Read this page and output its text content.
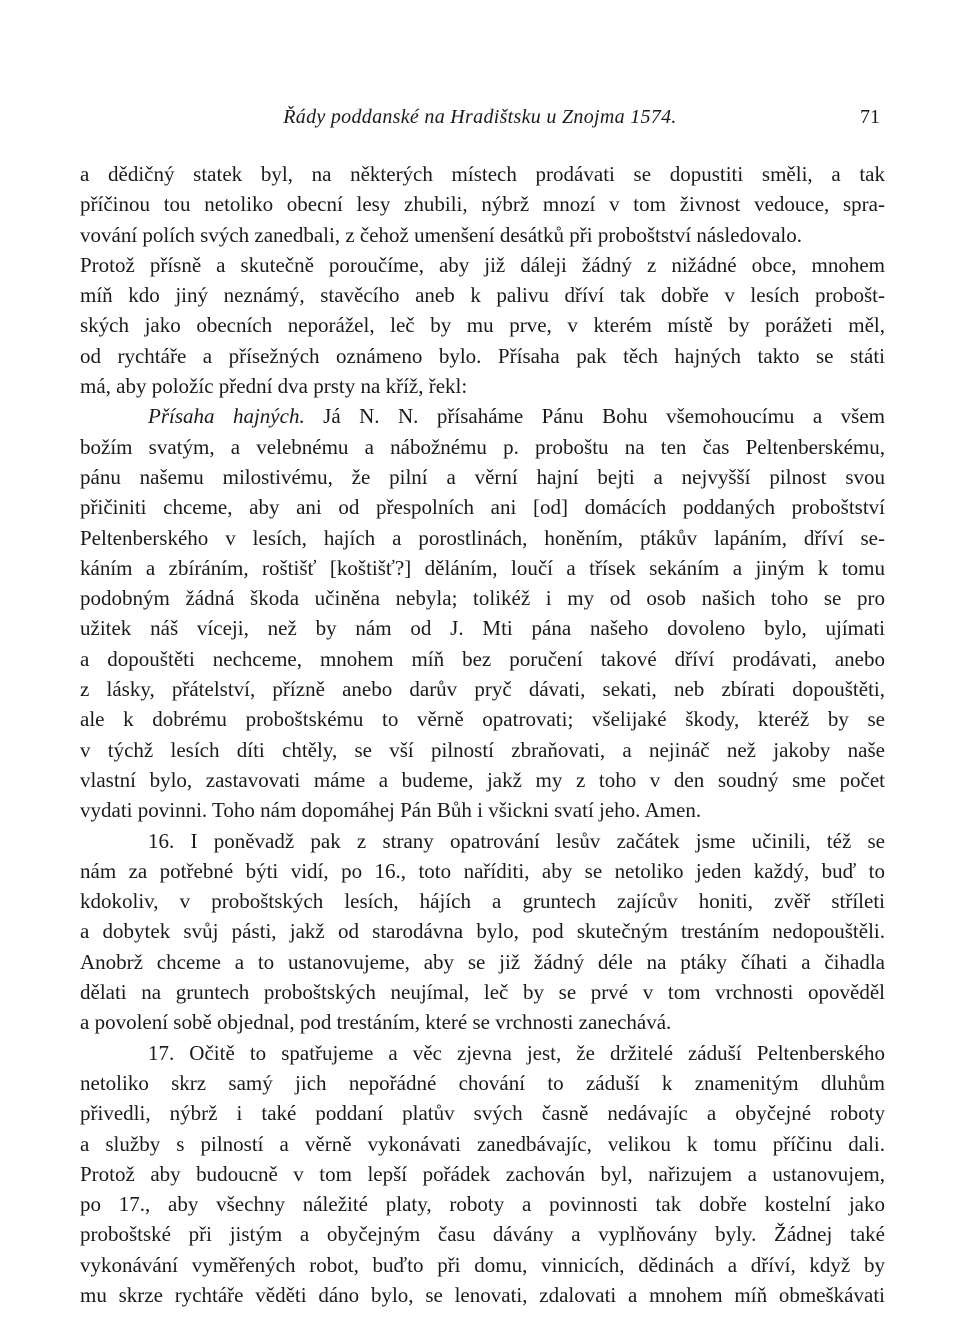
Řády poddanské na Hradištsku u Znojma 1574.	71
a dědičný statek byl, na některých místech prodávati se dopustiti směli, a tak
příčinou tou netoliko obecní lesy zhubili, nýbrž mnozí v tom živnost vedouce, spra-
vování polích svých zanedbali, z čehož umenšení desátků při proboštství následovalo.
Protož přísně a skutečně poroučíme, aby již dáleji žádný z nižádné obce, mnohem
míň kdo jiný neznámý, stavěcího aneb k palivu dříví tak dobře v lesích probošt-
ských jako obecních neporážel, leč by mu prve, v kterém místě by porážeti měl,
od rychtáře a přísežných oznámeno bylo. Přísaha pak těch hajných takto se státi
má, aby položíc přední dva prsty na kříž, řekl:
Přísaha hajných. Já N. N. přísaháme Pánu Bohu všemohoucímu a všem
božím svatým, a velebnému a nábožnému p. proboštu na ten čas Peltenberskému,
pánu našemu milostivému, že pilní a věrní hajní bejti a nejvyšší pilnost svou
přičiniti chceme, aby ani od přespolních ani [od] domácích poddaných proboštství
Peltenberského v lesích, hajích a porostlinách, honěním, ptákův lapáním, dříví se-
káním a zbíráním, roštišť [koštišť?] děláním, loučí a třísek sekáním a jiným k tomu
podobným žádná škoda učiněna nebyla; tolikéž i my od osob našich toho se pro
užitek náš víceji, než by nám od J. Mti pána našeho dovoleno bylo, ujímati
a dopouštěti nechceme, mnohem míň bez poručení takové dříví prodávati, anebo
z lásky, přátelství, přízně anebo darův pryč dávati, sekati, neb zbírati dopouštěti,
ale k dobrému proboštskému to věrně opatrovati; všelijaké škody, kteréž by se
v týchž lesích díti chtěly, se vší pilností zbraňovati, a nejináč než jakoby naše
vlastní bylo, zastavovati máme a budeme, jakž my z toho v den soudný sme počet
vydati povinni. Toho nám dopomáhej Pán Bůh i všickni svatí jeho. Amen.
16. I poněvadž pak z strany opatrování lesův začátek jsme učinili, též se
nám za potřebné býti vidí, po 16., toto naříditi, aby se netoliko jeden každý, buď to
kdokoliv, v proboštských lesích, hájích a gruntech zajícův honiti, zvěř stříleti
a dobytek svůj pásti, jakž od starodávna bylo, pod skutečným trestáním nedopouštěli.
Anobrž chceme a to ustanovujeme, aby se již žádný déle na ptáky číhati a čihadla
dělati na gruntech proboštských neujímal, leč by se prvé v tom vrchnosti opověděl
a povolení sobě objednal, pod trestáním, které se vrchnosti zanechává.
17. Očitě to spatřujeme a věc zjevna jest, že držitelé záduší Peltenberského
netoliko skrz samý jich nepořádné chování to záduší k znamenitým dluhům
přivedli, nýbrž i také poddaní platův svých časně nedávajíc a obyčejné roboty
a služby s pilností a věrně vykonávati zanedbávajíc, velikou k tomu příčinu dali.
Protož aby budoucně v tom lepší pořádek zachován byl, nařizujem a ustanovujem,
po 17., aby všechny náležité platy, roboty a povinnosti tak dobře kostelní jako
proboštské při jistým a obyčejným času dávány a vyplňovány byly. Žádnej také
vykonávání vyměřených robot, buďto při domu, vinnicích, dědinách a dříví, když by
mu skrze rychtáře věděti dáno bylo, se lenovati, zdalovati a mnohem míň obmeškávati
